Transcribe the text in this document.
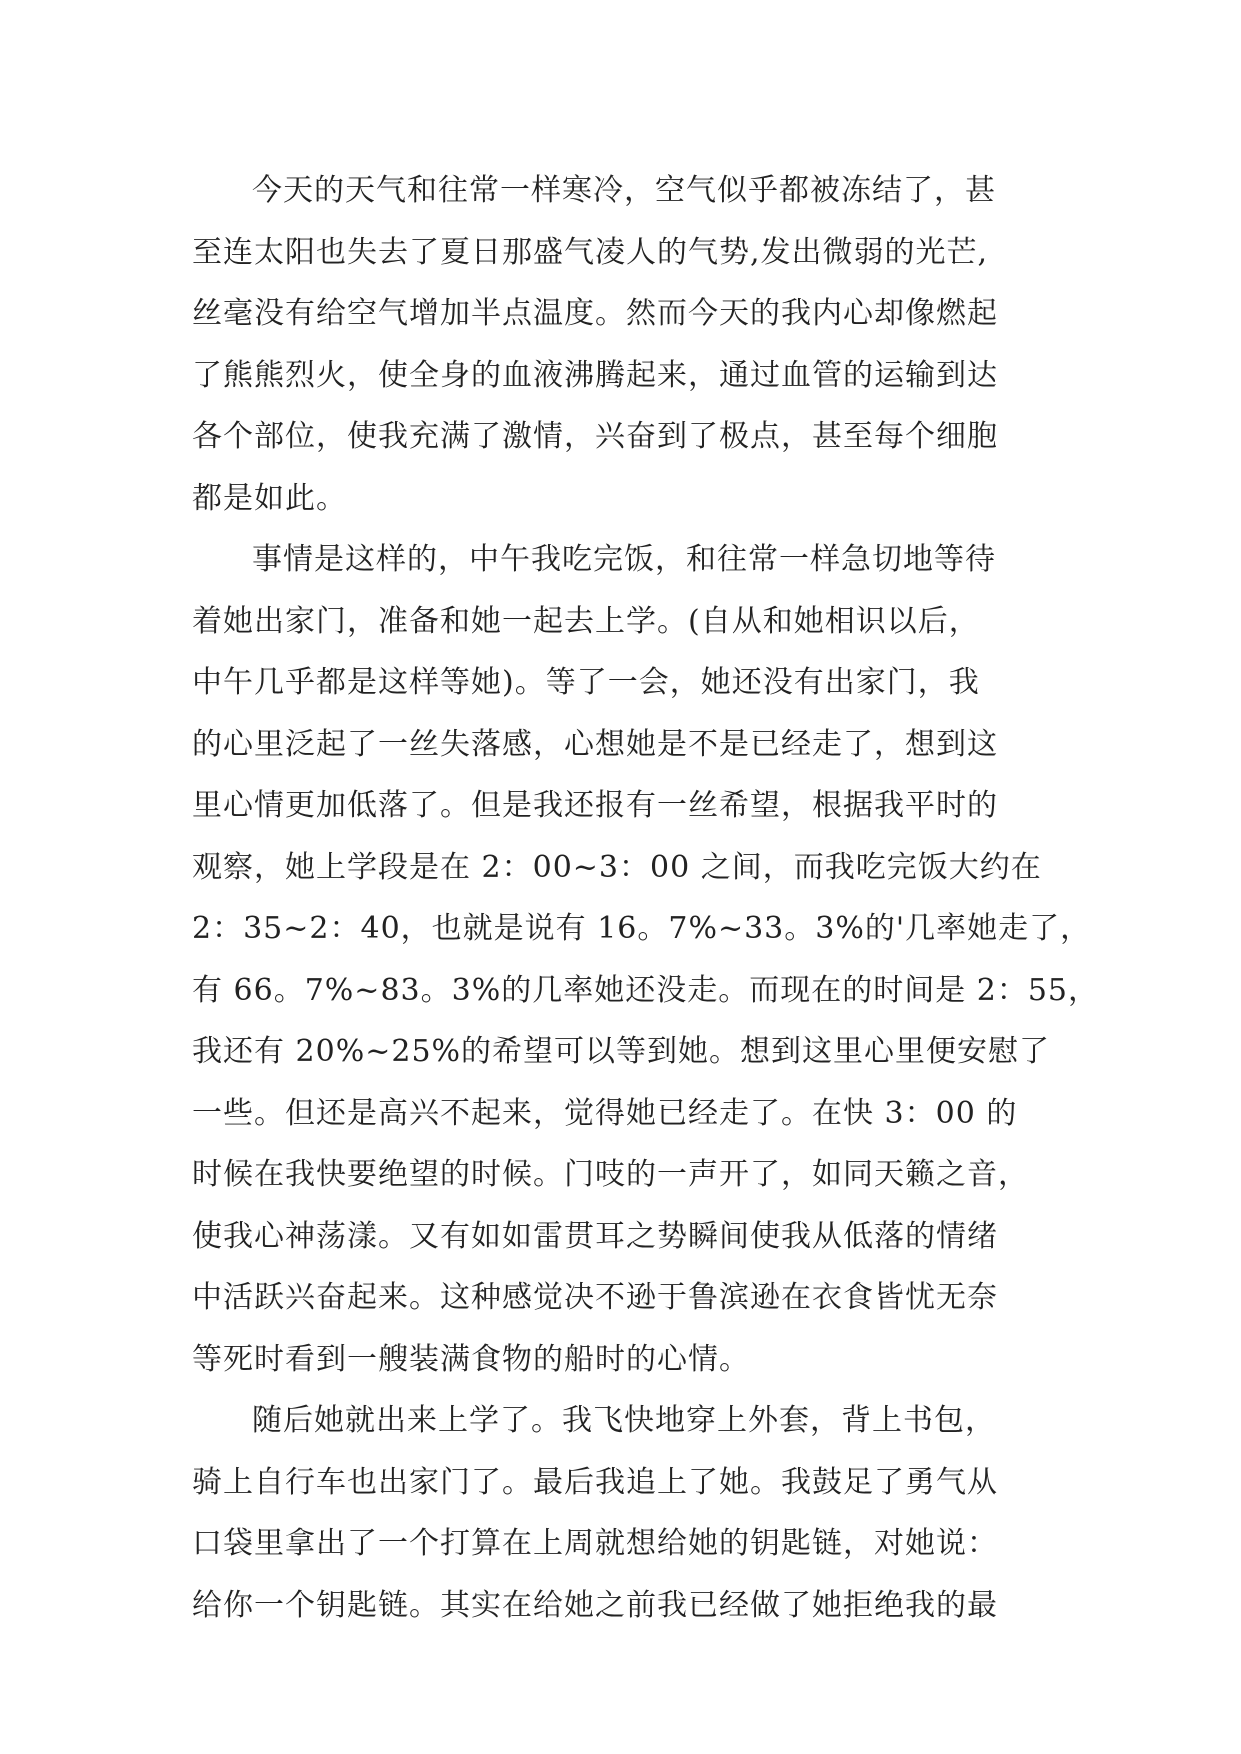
今天的天气和往常一样寒冷，空气似乎都被冻结了，甚
至连太阳也失去了夏日那盛气凌人的气势,发出微弱的光芒,
丝毫没有给空气增加半点温度。然而今天的我内心却像燃起
了熊熊烈火，使全身的血液沸腾起来，通过血管的运输到达
各个部位，使我充满了激情，兴奋到了极点，甚至每个细胞
都是如此。
事情是这样的，中午我吃完饭，和往常一样急切地等待
着她出家门，准备和她一起去上学。(自从和她相识以后，
中午几乎都是这样等她)。等了一会，她还没有出家门，我
的心里泛起了一丝失落感，心想她是不是已经走了，想到这
里心情更加低落了。但是我还报有一丝希望，根据我平时的
观察，她上学段是在 2：00~3：00 之间，而我吃完饭大约在
2：35~2：40，也就是说有 16。7%~33。3%的'几率她走了，
有 66。7%~83。3%的几率她还没走。而现在的时间是 2：55，
我还有 20%~25%的希望可以等到她。想到这里心里便安慰了
一些。但还是高兴不起来，觉得她已经走了。在快 3：00 的
时候在我快要绝望的时候。门吱的一声开了，如同天籁之音，
使我心神荡漾。又有如如雷贯耳之势瞬间使我从低落的情绪
中活跃兴奋起来。这种感觉决不逊于鲁滨逊在衣食皆忧无奈
等死时看到一艘装满食物的船时的心情。
随后她就出来上学了。我飞快地穿上外套，背上书包，
骑上自行车也出家门了。最后我追上了她。我鼓足了勇气从
口袋里拿出了一个打算在上周就想给她的钥匙链，对她说：
给你一个钥匙链。其实在给她之前我已经做了她拒绝我的最
